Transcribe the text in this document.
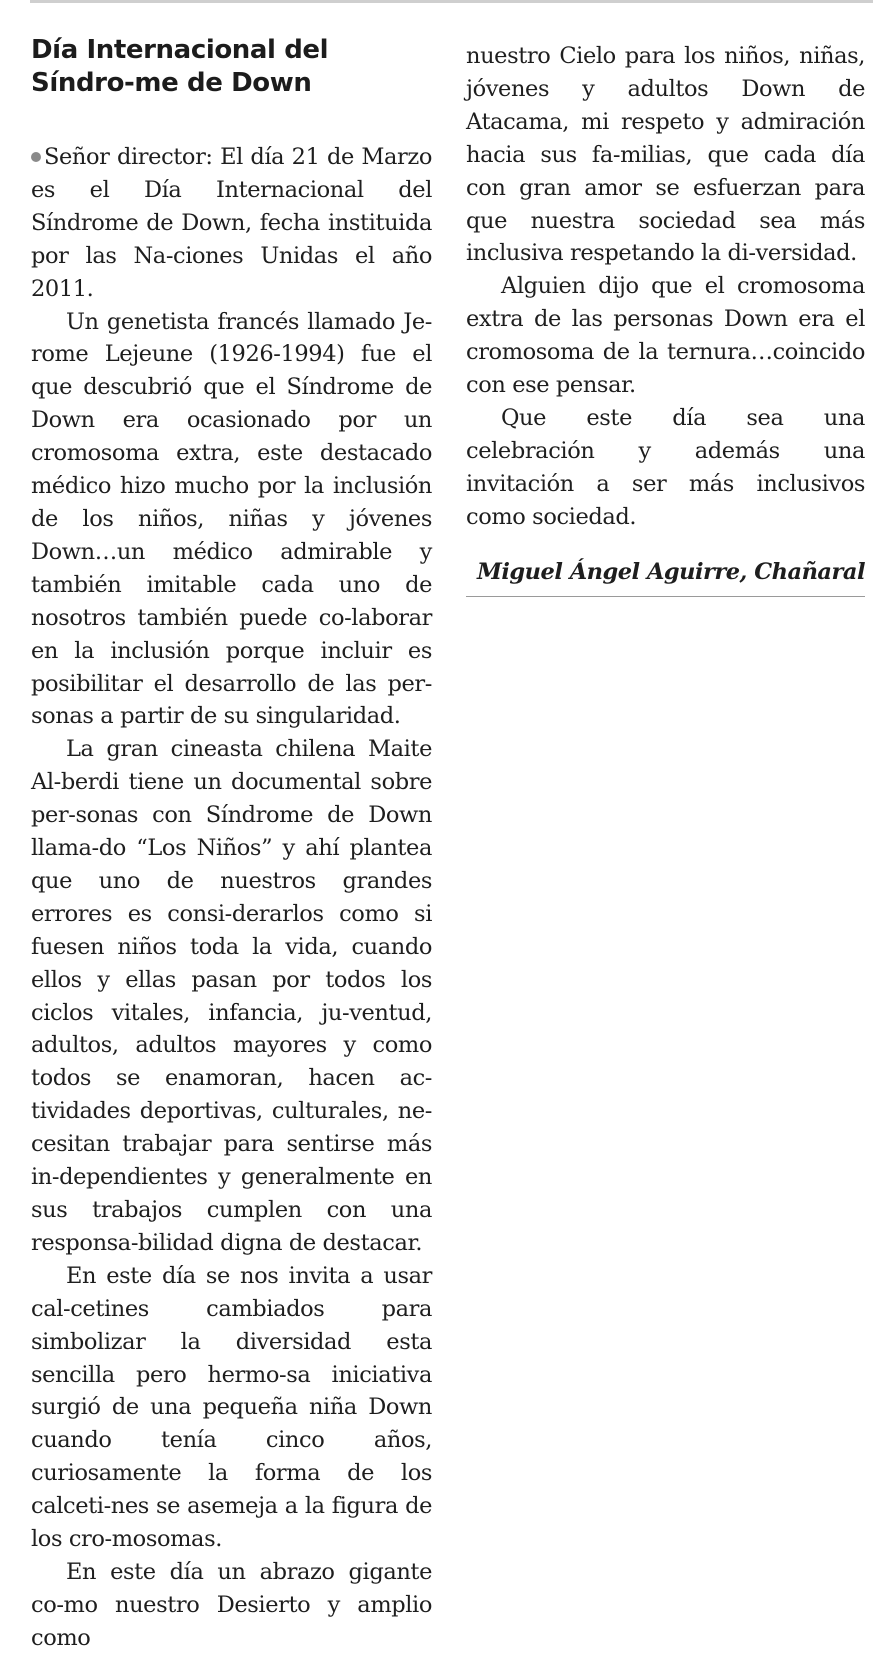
Día Internacional del Síndro-me de Down

Señor director: El día 21 de Marzo es el Día Internacional del Síndrome de Down, fecha instituida por las Na-ciones Unidas el año 2011.

Un genetista francés llamado Je-rome Lejeune (1926-1994) fue el que descubrió que el Síndrome de Down era ocasionado por un cromosoma extra, este destacado médico hizo mucho por la inclusión de los niños, niñas y jóvenes Down…un médico admirable y también imitable cada uno de nosotros también puede co-laborar en la inclusión porque incluir es posibilitar el desarrollo de las per-sonas a partir de su singularidad.

La gran cineasta chilena Maite Al-berdi tiene un documental sobre per-sonas con Síndrome de Down llama-do “Los Niños” y ahí plantea que uno de nuestros grandes errores es consi-derarlos como si fuesen niños toda la vida, cuando ellos y ellas pasan por todos los ciclos vitales, infancia, ju-ventud, adultos, adultos mayores y como todos se enamoran, hacen ac-tividades deportivas, culturales, ne-cesitan trabajar para sentirse más in-dependientes y generalmente en sus trabajos cumplen con una responsa-bilidad digna de destacar.

En este día se nos invita a usar cal-cetines cambiados para simbolizar la diversidad esta sencilla pero hermo-sa iniciativa surgió de una pequeña niña Down cuando tenía cinco años, curiosamente la forma de los calceti-nes se asemeja a la figura de los cro-mosomas.

En este día un abrazo gigante co-mo nuestro Desierto y amplio como

nuestro Cielo para los niños, niñas, jóvenes y adultos Down de Atacama, mi respeto y admiración hacia sus fa-milias, que cada día con gran amor se esfuerzan para que nuestra sociedad sea más inclusiva respetando la di-versidad.

Alguien dijo que el cromosoma extra de las personas Down era el cromosoma de la ternura…coincido con ese pensar.

Que este día sea una celebración y además una invitación a ser más inclusivos como sociedad.

Miguel Ángel Aguirre, Chañaral
